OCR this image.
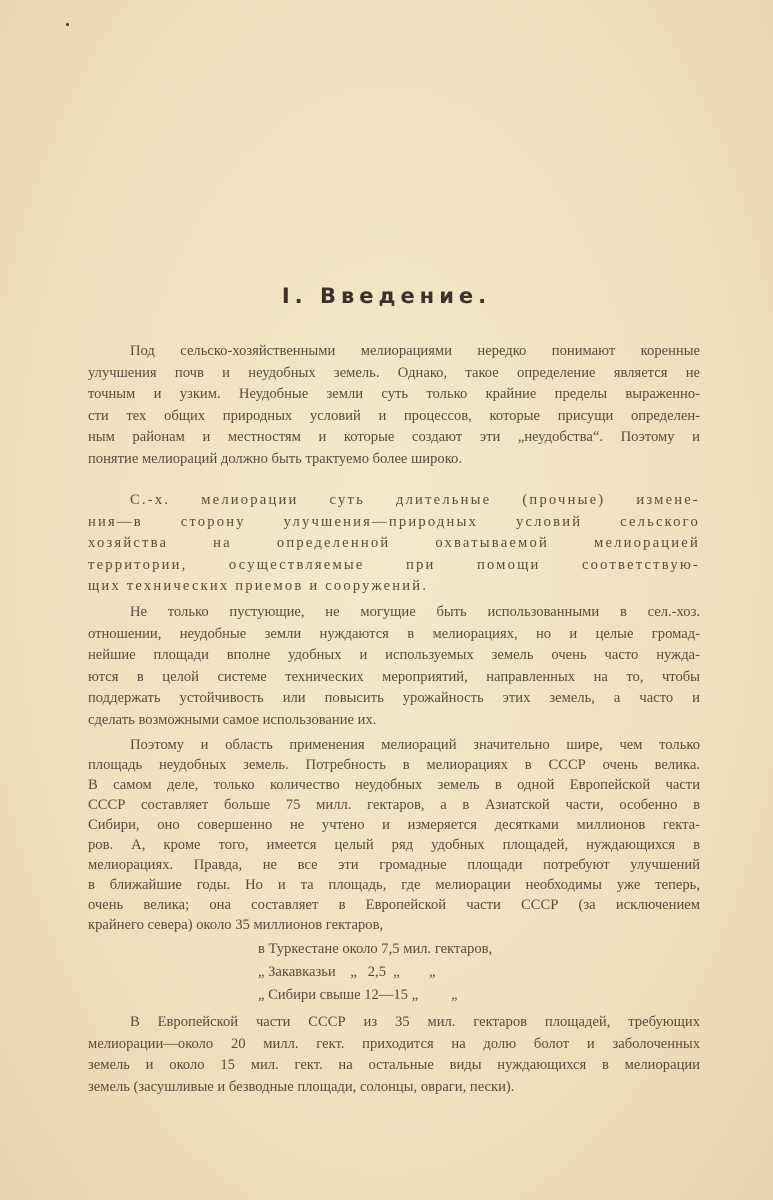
I. Введение.
Под сельско-хозяйственными мелиорациями нередко понимают коренные
улучшения почв и неудобных земель. Однако, такое определение является не
точным и узким. Неудобные земли суть только крайние пределы выраженно-
сти тех общих природных условий и процессов, которые присущи определен-
ным районам и местностям и которые создают эти „неудобства“. Поэтому и
понятие мелиораций должно быть трактуемо более широко.
С.-х. мелиорации суть длительные (прочные) измене-
ния—в сторону улучшения—природных условий сельского
хозяйства на определенной охватываемой мелиорацией
территории, осуществляемые при помощи соответствую-
щих технических приемов и сооружений.
Не только пустующие, не могущие быть использованными в сел.-хоз.
отношении, неудобные земли нуждаются в мелиорациях, но и целые громад-
нейшие площади вполне удобных и используемых земель очень часто нужда-
ются в целой системе технических мероприятий, направленных на то, чтобы
поддержать устойчивость или повысить урожайность этих земель, а часто и
сделать возможными самое использование их.
Поэтому и область применения мелиораций значительно шире, чем только
площадь неудобных земель. Потребность в мелиорациях в СССР очень велика.
В самом деле, только количество неудобных земель в одной Европейской части
СССР составляет больше 75 милл. гектаров, а в Азиатской части, особенно в
Сибири, оно совершенно не учтено и измеряется десятками миллионов гекта-
ров. А, кроме того, имеется целый ряд удобных площадей, нуждающихся в
мелиорациях. Правда, не все эти громадные площади потребуют улучшений
в ближайшие годы. Но и та площадь, где мелиорации необходимы уже теперь,
очень велика; она составляет в Европейской части СССР (за исключением
крайнего севера) около 35 миллионов гектаров,
в Туркестане около 7,5 мил. гектаров,
„ Закавказьи    „   2,5  „        „
„ Сибири свыше 12—15 „         „
В Европейской части СССР из 35 мил. гектаров площадей, требующих
мелиорации—около 20 милл. гект. приходится на долю болот и заболоченных
земель и около 15 мил. гект. на остальные виды нуждающихся в мелиорации
земель (засушливые и безводные площади, солонцы, овраги, пески).
